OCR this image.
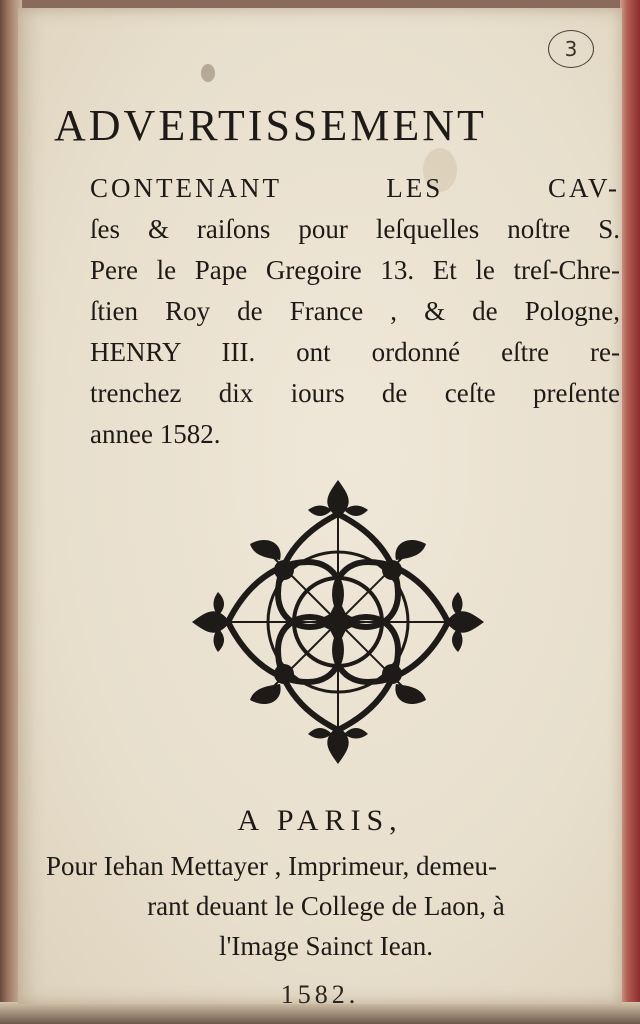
3
ADVERTISSEMENT
CONTENANT LES CAV-
ſes & raiſons pour leſquelles noſtre S.
Pere le Pape Gregoire 13. Et le treſ-Chre-
ſtien Roy de France , & de Pologne,
HENRY III. ont ordonné eſtre re-
trenchez dix iours de ceſte preſente
annee 1582.
A PARIS,
Pour Iehan Mettayer , Imprimeur, demeu-
rant deuant le College de Laon, à
l'Image Sainct Iean.
1582.
